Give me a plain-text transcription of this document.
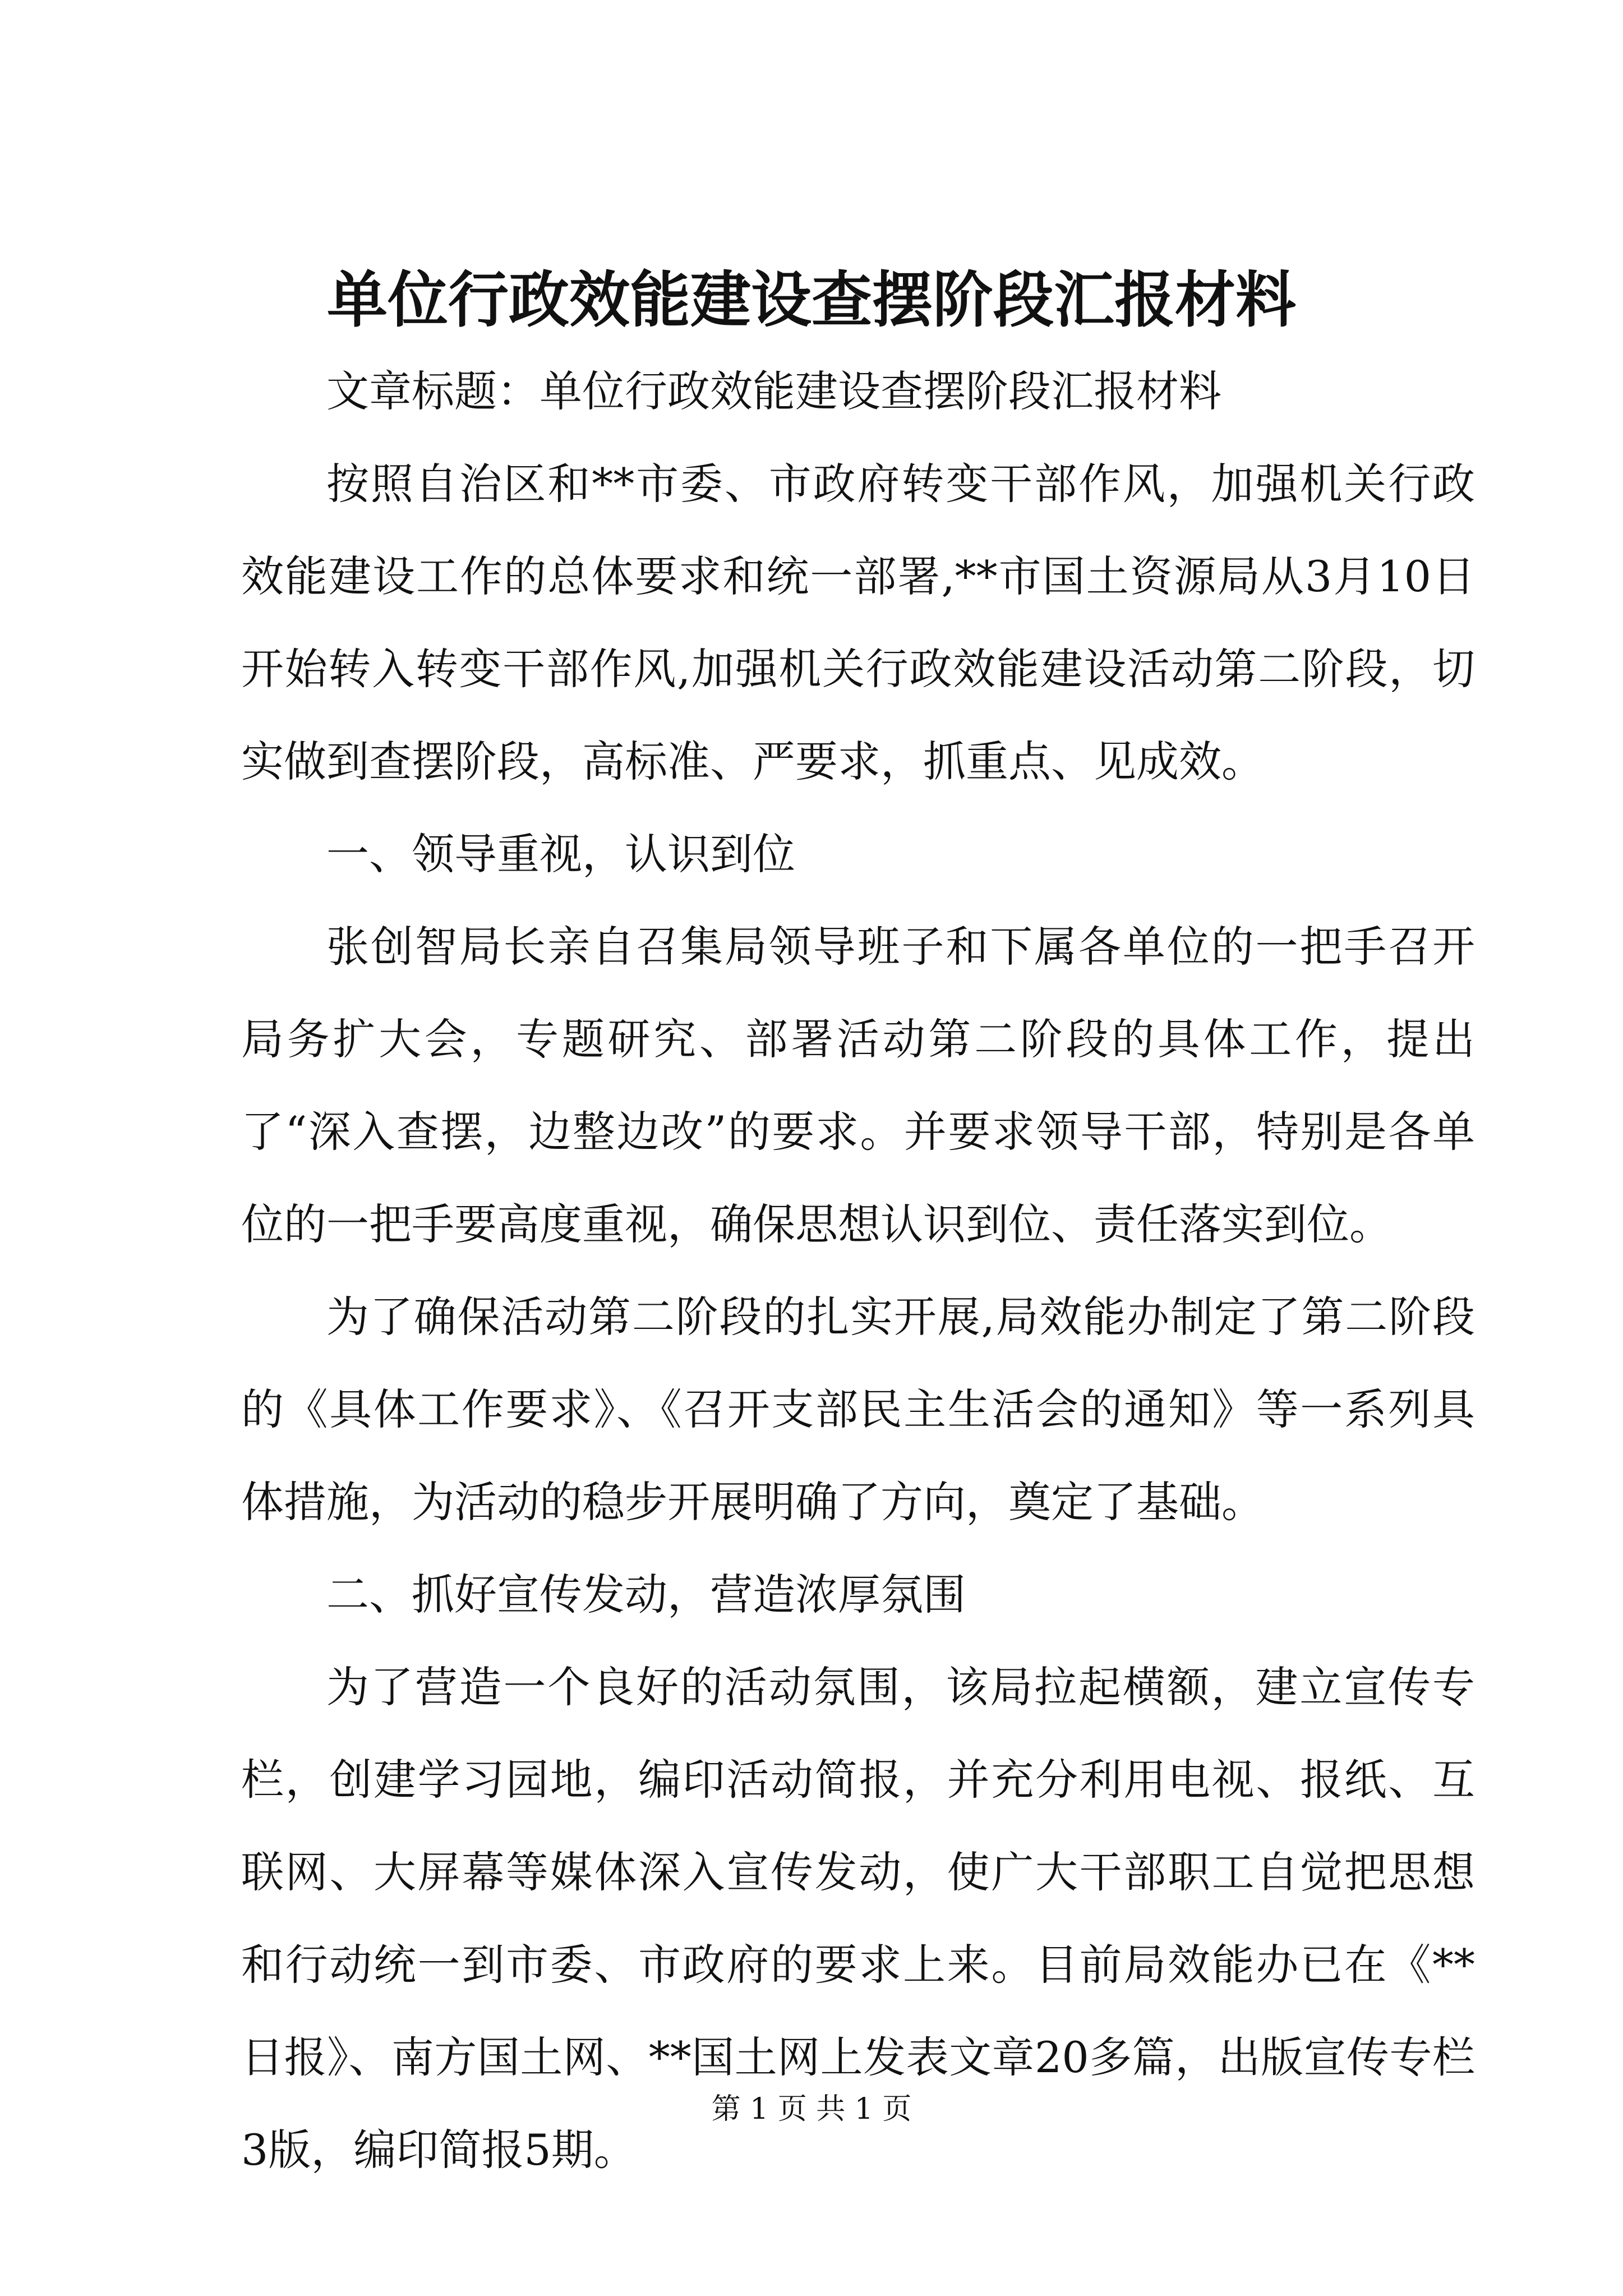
单位行政效能建设查摆阶段汇报材料

文章标题：单位行政效能建设查摆阶段汇报材料

按照自治区和**市委、市政府转变干部作风，加强机关行政效能建设工作的总体要求和统一部署,**市国土资源局从3月10日开始转入转变干部作风,加强机关行政效能建设活动第二阶段，切实做到查摆阶段，高标准、严要求，抓重点、见成效。

一、领导重视，认识到位

张创智局长亲自召集局领导班子和下属各单位的一把手召开局务扩大会，专题研究、部署活动第二阶段的具体工作，提出了“深入查摆，边整边改”的要求。并要求领导干部，特别是各单位的一把手要高度重视，确保思想认识到位、责任落实到位。

为了确保活动第二阶段的扎实开展,局效能办制定了第二阶段的《具体工作要求》、《召开支部民主生活会的通知》等一系列具体措施，为活动的稳步开展明确了方向，奠定了基础。

二、抓好宣传发动，营造浓厚氛围

为了营造一个良好的活动氛围，该局拉起横额，建立宣传专栏，创建学习园地，编印活动简报，并充分利用电视、报纸、互联网、大屏幕等媒体深入宣传发动，使广大干部职工自觉把思想和行动统一到市委、市政府的要求上来。目前局效能办已在《**日报》、南方国土网、**国土网上发表文章20多篇，出版宣传专栏3版，编印简报5期。

第 1 页 共 1 页
